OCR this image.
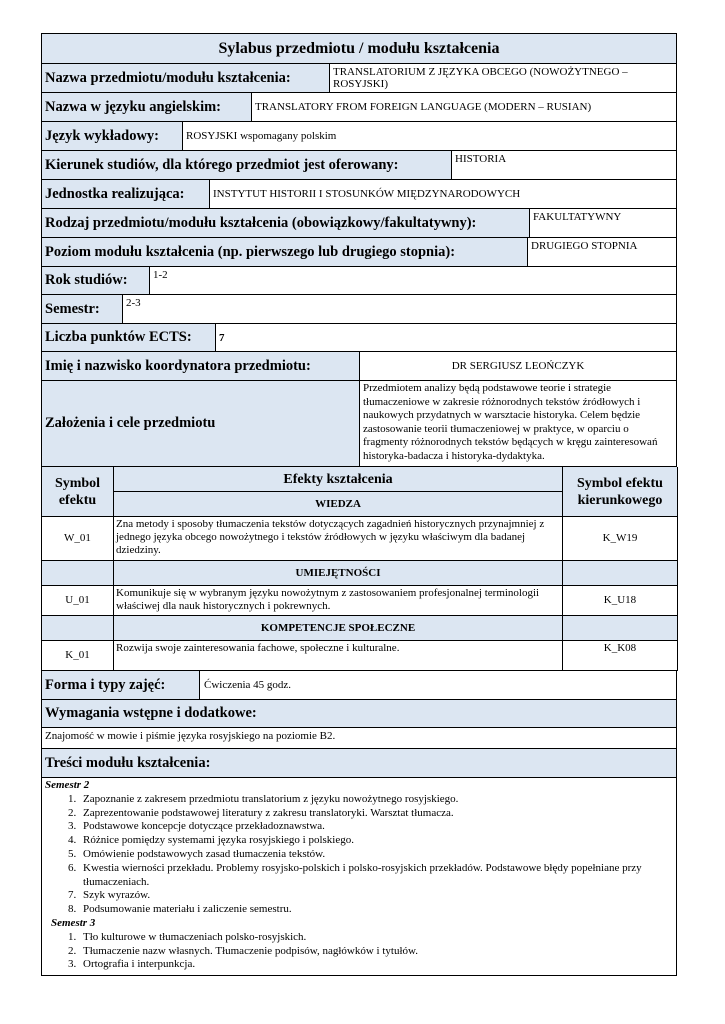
Sylabus przedmiotu / modułu kształcenia
Nazwa przedmiotu/modułu kształcenia:	TRANSLATORIUM Z JĘZYKA OBCEGO (NOWOŻYTNEGO – ROSYJSKI)
Nazwa w języku angielskim:	TRANSLATORY FROM FOREIGN LANGUAGE (MODERN – RUSIAN)
Język wykładowy:	ROSYJSKI wspomagany polskim
Kierunek studiów, dla którego przedmiot jest oferowany:	HISTORIA
Jednostka realizująca:	INSTYTUT HISTORII I STOSUNKÓW MIĘDZYNARODOWYCH
Rodzaj przedmiotu/modułu kształcenia (obowiązkowy/fakultatywny):	FAKULTATYWNY
Poziom modułu kształcenia (np. pierwszego lub drugiego stopnia):	DRUGIEGO STOPNIA
Rok studiów:	1-2
Semestr:	2-3
Liczba punktów ECTS:	7
Imię i nazwisko koordynatora przedmiotu:	DR SERGIUSZ LEOŃCZYK
Założenia i cele przedmiotu
Przedmiotem analizy będą podstawowe teorie i strategie tłumaczeniowe w zakresie różnorodnych tekstów źródłowych i naukowych przydatnych w warsztacie historyka. Celem będzie zastosowanie teorii tłumaczeniowej w praktyce, w oparciu o fragmenty różnorodnych tekstów będących w kręgu zainteresowań historyka-badacza i historyka-dydaktyka.
Symbol efektu	Efekty kształcenia	Symbol efektu kierunkowego
	WIEDZA	
W_01	Zna metody i sposoby tłumaczenia tekstów dotyczących zagadnień historycznych przynajmniej z jednego języka obcego nowożytnego i tekstów źródłowych w języku właściwym dla badanej dziedziny.	K_W19
	UMIEJĘTNOŚCI	
U_01	Komunikuje się w wybranym języku nowożytnym z zastosowaniem profesjonalnej terminologii właściwej dla nauk historycznych i pokrewnych.	K_U18
	KOMPETENCJE SPOŁECZNE	
K_01	Rozwija swoje zainteresowania fachowe, społeczne i kulturalne.	K_K08
Forma i typy zajęć:	Ćwiczenia 45 godz.
Wymagania wstępne i dodatkowe:
Znajomość w mowie i piśmie języka rosyjskiego na poziomie B2.
Treści modułu kształcenia:
Semestr 2
1. Zapoznanie z zakresem przedmiotu translatorium z języku nowożytnego rosyjskiego.
2. Zaprezentowanie podstawowej literatury z zakresu translatoryki. Warsztat tłumacza.
3. Podstawowe koncepcje dotyczące przekładoznawstwa.
4. Różnice pomiędzy systemami języka rosyjskiego i polskiego.
5. Omówienie podstawowych zasad tłumaczenia tekstów.
6. Kwestia wierności przekładu. Problemy rosyjsko-polskich i polsko-rosyjskich przekładów. Podstawowe błędy popełniane przy tłumaczeniach.
7. Szyk wyrazów.
8. Podsumowanie materiału i zaliczenie semestru.
Semestr 3
1. Tło kulturowe w tłumaczeniach polsko-rosyjskich.
2. Tłumaczenie nazw własnych. Tłumaczenie podpisów, nagłówków i tytułów.
3. Ortografia i interpunkcja.
